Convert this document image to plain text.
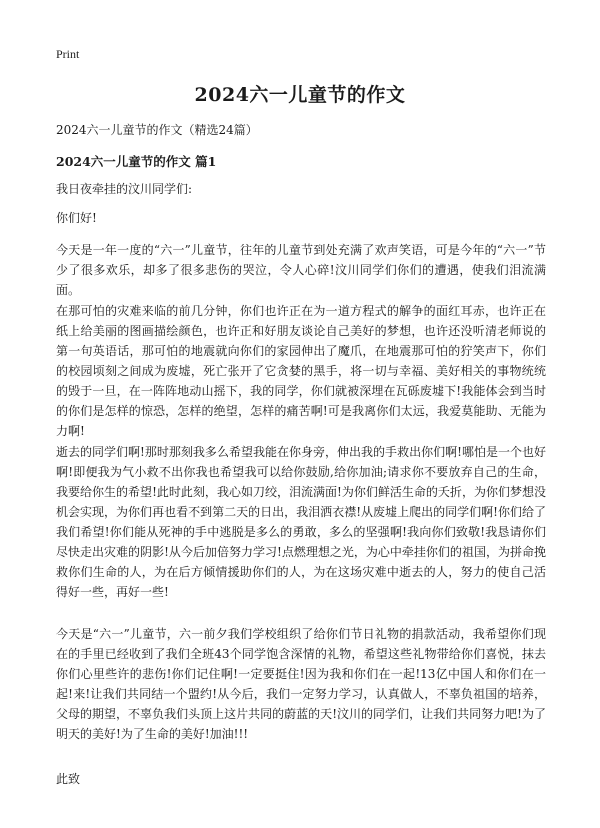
Print
2024六一儿童节的作文
2024六一儿童节的作文（精选24篇）
2024六一儿童节的作文 篇1
我日夜牵挂的汶川同学们:
你们好!
今天是一年一度的“六一”儿童节，往年的儿童节到处充满了欢声笑语，可是今年的“六一”节少了很多欢乐，却多了很多悲伤的哭泣，令人心碎!汶川同学们你们的遭遇，使我们泪流满面。
在那可怕的灾难来临的前几分钟，你们也许正在为一道方程式的解争的面红耳赤，也许正在纸上给美丽的图画描绘颜色，也许正和好朋友谈论自己美好的梦想，也许还没听清老师说的第一句英语话，那可怕的地震就向你们的家园伸出了魔爪，在地震那可怕的狞笑声下，你们的校园顷刻之间成为废墟，死亡张开了它贪婪的黑手，将一切与幸福、美好相关的事物统统的毁于一旦，在一阵阵地动山摇下，我的同学，你们就被深埋在瓦砾废墟下!我能体会到当时的你们是怎样的惊恐，怎样的绝望，怎样的痛苦啊!可是我离你们太远，我爱莫能助、无能为力啊!
逝去的同学们啊!那时那刻我多么希望我能在你身旁，伸出我的手救出你们啊!哪怕是一个也好啊!即便我为气小救不出你我也希望我可以给你鼓励,给你加油;请求你不要放弃自己的生命，我要给你生的希望!此时此刻，我心如刀绞，泪流满面!为你们鲜活生命的夭折，为你们梦想没机会实现，为你们再也看不到第二天的日出，我泪洒衣襟!从废墟上爬出的同学们啊!你们给了我们希望!你们能从死神的手中逃脱是多么的勇敢，多么的坚强啊!我向你们致敬!我恳请你们尽快走出灾难的阴影!从今后加倍努力学习!点燃理想之光，为心中牵挂你们的祖国，为拼命挽救你们生命的人，为在后方倾情援助你们的人，为在这场灾难中逝去的人，努力的使自己活得好一些，再好一些!
今天是“六一”儿童节，六一前夕我们学校组织了给你们节日礼物的捐款活动，我希望你们现在的手里已经收到了我们全班43个同学饱含深情的礼物，希望这些礼物带给你们喜悦，抹去你们心里些许的悲伤!你们记住啊!一定要挺住!因为我和你们在一起!13亿中国人和你们在一起!来!让我们共同结一个盟约!从今后，我们一定努力学习，认真做人，不辜负祖国的培养，父母的期望，不辜负我们头顶上这片共同的蔚蓝的天!汶川的同学们，让我们共同努力吧!为了明天的美好!为了生命的美好!加油!!!
此致
